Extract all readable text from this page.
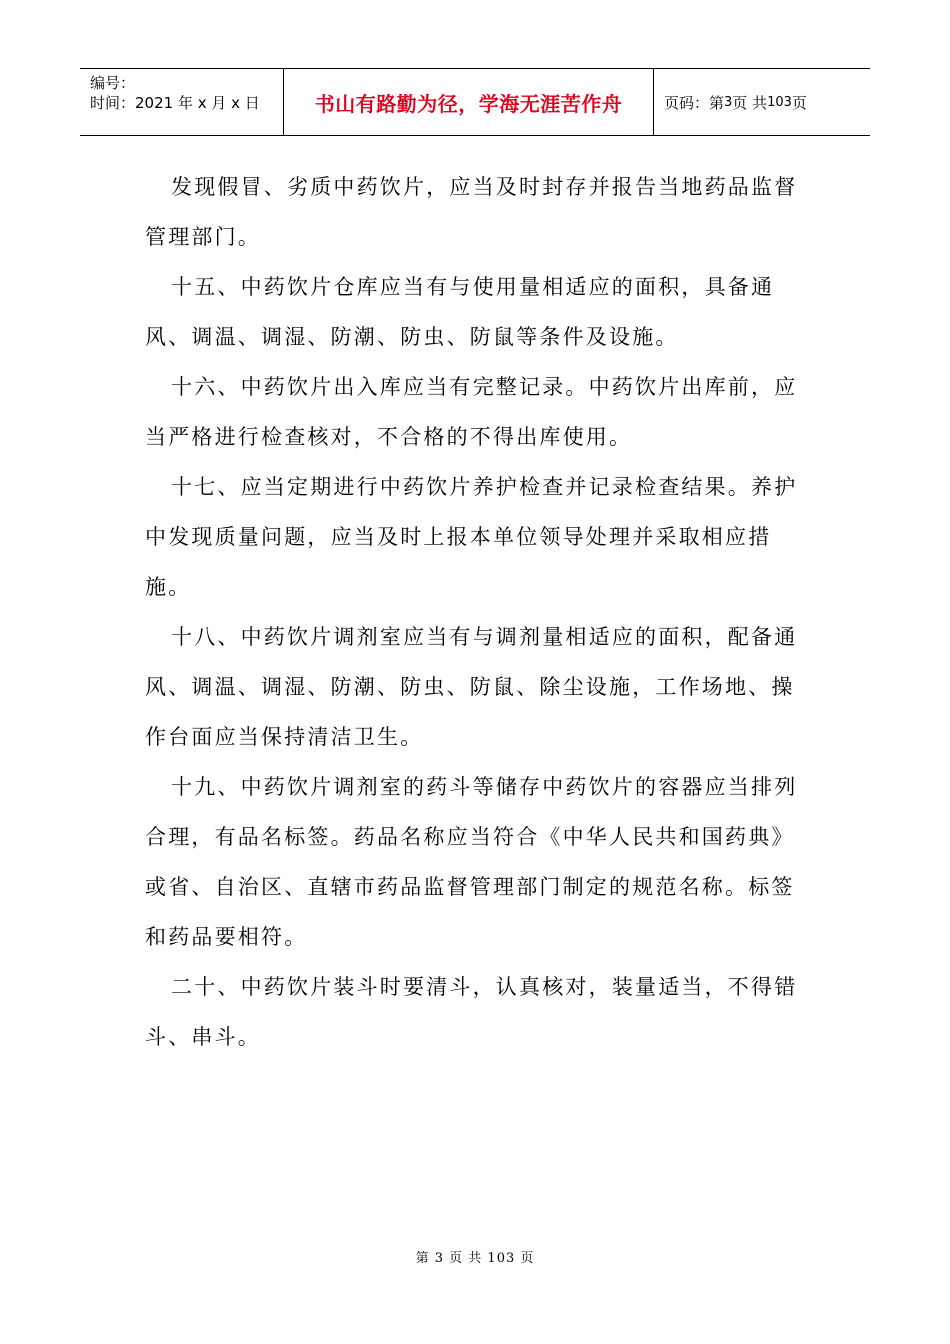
编号：
时间：2021 年 x 月 x 日	书山有路勤为径，学海无涯苦作舟	页码：第 3 页 共 103 页

发现假冒、劣质中药饮片，应当及时封存并报告当地药品监督管理部门。

十五、中药饮片仓库应当有与使用量相适应的面积，具备通风、调温、调湿、防潮、防虫、防鼠等条件及设施。

十六、中药饮片出入库应当有完整记录。中药饮片出库前，应当严格进行检查核对，不合格的不得出库使用。

十七、应当定期进行中药饮片养护检查并记录检查结果。养护中发现质量问题，应当及时上报本单位领导处理并采取相应措施。

十八、中药饮片调剂室应当有与调剂量相适应的面积，配备通风、调温、调湿、防潮、防虫、防鼠、除尘设施，工作场地、操作台面应当保持清洁卫生。

十九、中药饮片调剂室的药斗等储存中药饮片的容器应当排列合理，有品名标签。药品名称应当符合《中华人民共和国药典》或省、自治区、直辖市药品监督管理部门制定的规范名称。标签和药品要相符。

二十、中药饮片装斗时要清斗，认真核对，装量适当，不得错斗、串斗。

第 3 页 共 103 页
